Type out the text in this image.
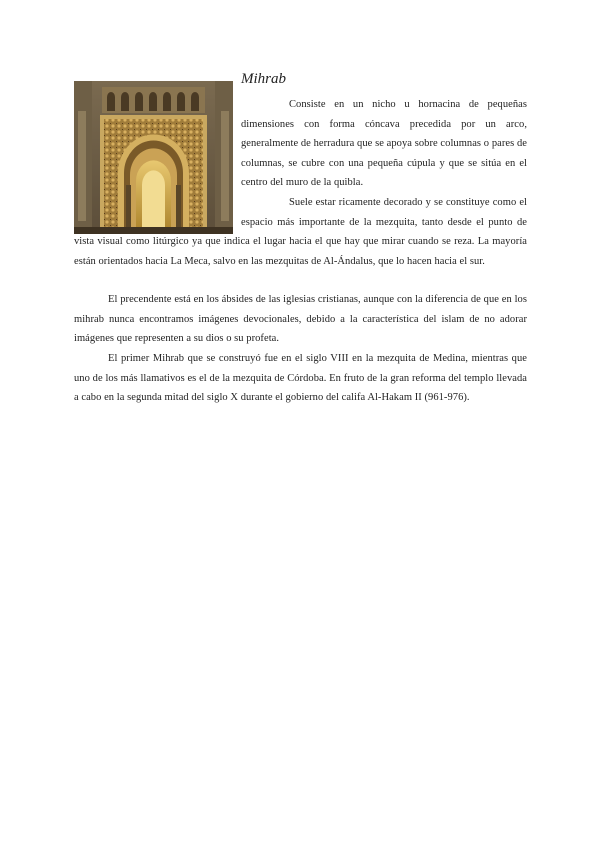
Mihrab

Consiste en un nicho u hornacina de pequeñas dimensiones con forma cóncava precedida por un arco, generalmente de herradura que se apoya sobre columnas o pares de columnas, se cubre con una pequeña cúpula y que se sitúa en el centro del muro de la quibla.

Suele estar ricamente decorado y se constituye como el espacio más importante de la mezquita, tanto desde el punto de vista visual como litúrgico ya que indica el lugar hacia el que hay que mirar cuando se reza. La mayoría están orientados hacia La Meca, salvo en las mezquitas de Al-Ándalus, que lo hacen hacia el sur.

El precendente está en los ábsides de las iglesias cristianas, aunque con la diferencia de que en los mihrab nunca encontramos imágenes devocionales, debido a la característica del islam de no adorar imágenes que representen a su dios o su profeta.

El primer Mihrab que se construyó fue en el siglo VIII en la mezquita de Medina, mientras que uno de los más llamativos es el de la mezquita de Córdoba. En fruto de la gran reforma del templo llevada a cabo en la segunda mitad del siglo X durante el gobierno del califa Al-Hakam II (961-976).
